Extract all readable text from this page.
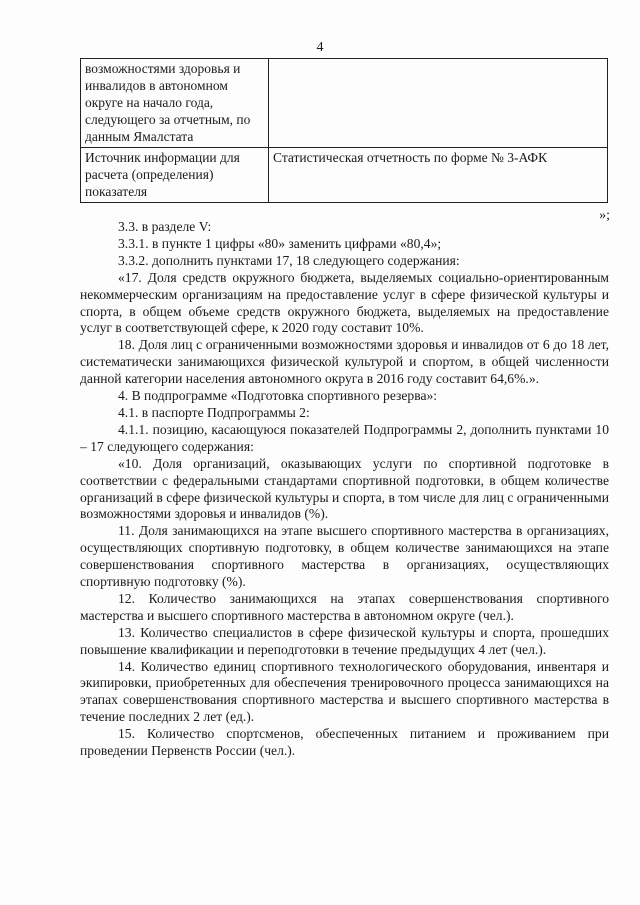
4
возможностями здоровья и инвалидов в автономном округе на начало года, следующего за отчетным, по данным Ямалстата	
Источник информации для расчета (определения) показателя	Статистическая отчетность по форме № 3-АФК
»;

3.3. в разделе V:

3.3.1. в пункте 1 цифры «80» заменить цифрами «80,4»;

3.3.2. дополнить пунктами 17, 18 следующего содержания:

«17. Доля средств окружного бюджета, выделяемых социально-ориентированным некоммерческим организациям на предоставление услуг в сфере физической культуры и спорта, в общем объеме средств окружного бюджета, выделяемых на предоставление услуг в соответствующей сфере, к 2020 году составит 10%.

18. Доля лиц с ограниченными возможностями здоровья и инвалидов от 6 до 18 лет, систематически занимающихся физической культурой и спортом, в общей численности данной категории населения автономного округа в 2016 году составит 64,6%.».

4. В подпрограмме «Подготовка спортивного резерва»:

4.1. в паспорте Подпрограммы 2:

4.1.1. позицию, касающуюся показателей Подпрограммы 2, дополнить пунктами 10 – 17 следующего содержания:

«10. Доля организаций, оказывающих услуги по спортивной подготовке в соответствии с федеральными стандартами спортивной подготовки, в общем количестве организаций в сфере физической культуры и спорта, в том числе для лиц с ограниченными возможностями здоровья и инвалидов (%).

11. Доля занимающихся на этапе высшего спортивного мастерства в организациях, осуществляющих спортивную подготовку, в общем количестве занимающихся на этапе совершенствования спортивного мастерства в организациях, осуществляющих спортивную подготовку (%).

12. Количество занимающихся на этапах совершенствования спортивного мастерства и высшего спортивного мастерства в автономном округе (чел.).

13. Количество специалистов в сфере физической культуры и спорта, прошедших повышение квалификации и переподготовки в течение предыдущих 4 лет (чел.).

14. Количество единиц спортивного технологического оборудования, инвентаря и экипировки, приобретенных для обеспечения тренировочного процесса занимающихся на этапах совершенствования спортивного мастерства и высшего спортивного мастерства в течение последних 2 лет (ед.).

15. Количество спортсменов, обеспеченных питанием и проживанием при проведении Первенств России (чел.).
